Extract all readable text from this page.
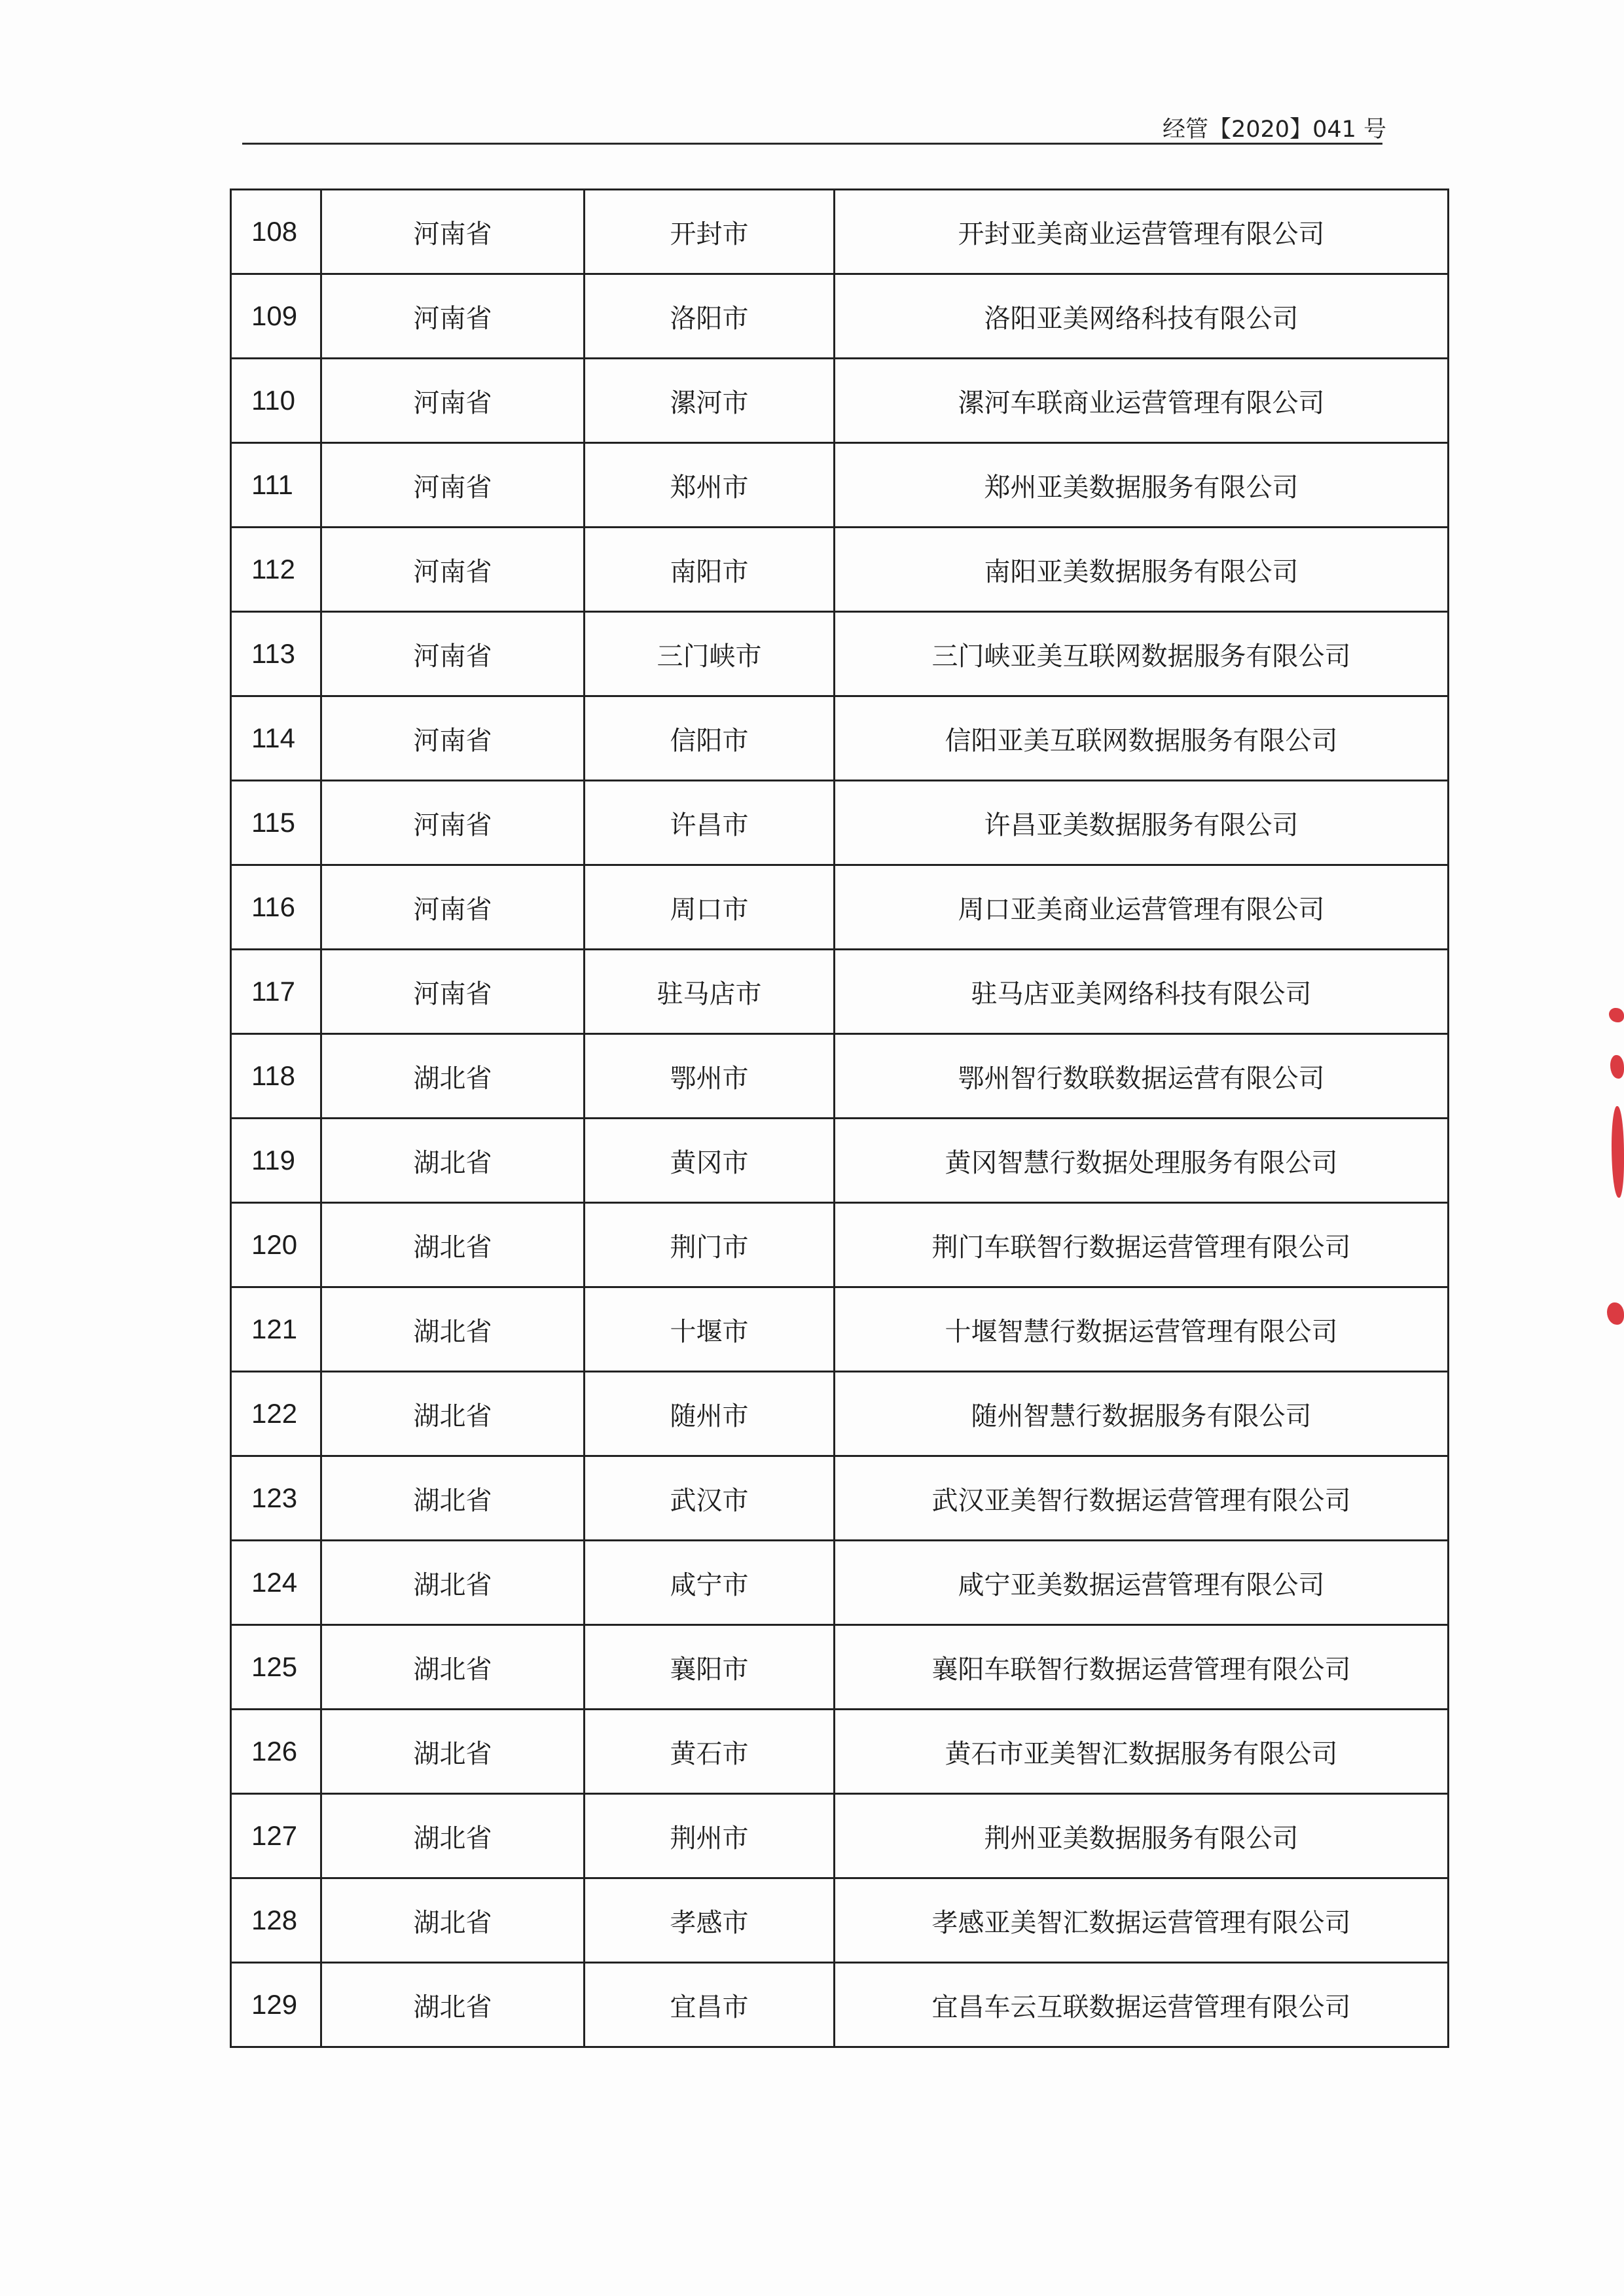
经管【2020】041 号
108	河南省	开封市	开封亚美商业运营管理有限公司
109	河南省	洛阳市	洛阳亚美网络科技有限公司
110	河南省	漯河市	漯河车联商业运营管理有限公司
111	河南省	郑州市	郑州亚美数据服务有限公司
112	河南省	南阳市	南阳亚美数据服务有限公司
113	河南省	三门峡市	三门峡亚美互联网数据服务有限公司
114	河南省	信阳市	信阳亚美互联网数据服务有限公司
115	河南省	许昌市	许昌亚美数据服务有限公司
116	河南省	周口市	周口亚美商业运营管理有限公司
117	河南省	驻马店市	驻马店亚美网络科技有限公司
118	湖北省	鄂州市	鄂州智行数联数据运营有限公司
119	湖北省	黄冈市	黄冈智慧行数据处理服务有限公司
120	湖北省	荆门市	荆门车联智行数据运营管理有限公司
121	湖北省	十堰市	十堰智慧行数据运营管理有限公司
122	湖北省	随州市	随州智慧行数据服务有限公司
123	湖北省	武汉市	武汉亚美智行数据运营管理有限公司
124	湖北省	咸宁市	咸宁亚美数据运营管理有限公司
125	湖北省	襄阳市	襄阳车联智行数据运营管理有限公司
126	湖北省	黄石市	黄石市亚美智汇数据服务有限公司
127	湖北省	荆州市	荆州亚美数据服务有限公司
128	湖北省	孝感市	孝感亚美智汇数据运营管理有限公司
129	湖北省	宜昌市	宜昌车云互联数据运营管理有限公司
